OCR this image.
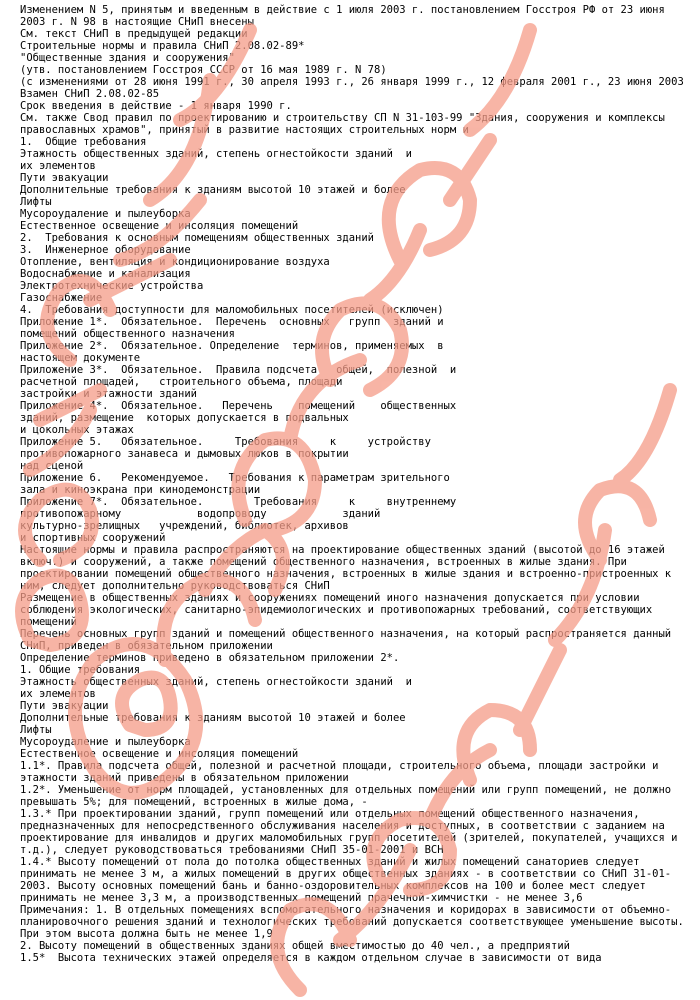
Изменением N 5, принятым и введенным в действие с 1 июля 2003 г. постановлением Госстроя РФ от 23 июня 2003 г. N 98 в настоящие СНиП внесены
См. текст СНиП в предыдущей редакции
Строительные нормы и правила СНиП 2.08.02-89*
"Общественные здания и сооружения"
(утв. постановлением Госстроя СССР от 16 мая 1989 г. N 78)
(с изменениями от 28 июня 1991 г., 30 апреля 1993 г., 26 января 1999 г., 12 февраля 2001 г., 23 июня 2003
Взамен СНиП 2.08.02-85
Срок введения в действие - 1 января 1990 г.
См. также Свод правил по проектированию и строительству СП N 31-103-99 "Здания, сооружения и комплексы православных храмов", принятый в развитие настоящих строительных норм и
1.  Общие требования
Этажность общественных зданий, степень огнестойкости зданий  и
их элементов
Пути эвакуации
Дополнительные требования к зданиям высотой 10 этажей и более
Лифты
Мусороудаление и пылеуборка
Естественное освещение и инсоляция помещений
2.  Требования к основным помещениям общественных зданий
3.  Инженерное оборудование
Отопление, вентиляция и кондиционирование воздуха
Водоснабжение и канализация
Электротехнические устройства
Газоснабжение
4.  Требования доступности для маломобильных посетителей (исключен)
Приложение 1*.  Обязательное.  Перечень  основных   групп  зданий и
помещений общественного назначения
Приложение 2*.  Обязательное. Определение  терминов, применяемых  в
настоящем документе
Приложение 3*.  Обязательное.  Правила подсчета   общей,  полезной  и
расчетной площадей,   строительного объема, площади
застройки и этажности зданий
Приложение 4*.  Обязательное.   Перечень    помещений    общественных
зданий, размещение  которых допускается в подвальных
и цокольных этажах
Приложение 5.   Обязательное.     Требования     к     устройству
противопожарного занавеса и дымовых люков в покрытии
над сценой
Приложение 6.   Рекомендуемое.   Требования к параметрам зрительного
зала и киноэкрана при кинодемонстрации
Приложение 7*.  Обязательное.        Требования     к     внутреннему
противопожарному            водопроводу            зданий
культурно-зрелищных   учреждений, библиотек, архивов
и спортивных сооружений
Настоящие нормы и правила распространяются на проектирование общественных зданий (высотой до 16 этажей включ.) и сооружений, а также помещений общественного назначения, встроенных в жилые здания. При проектировании помещений общественного назначения, встроенных в жилые здания и встроенно-пристроенных к ним, следует дополнительно руководствоваться СНиП
Размещение в общественных зданиях и сооружениях помещений иного назначения допускается при условии соблюдения экологических, санитарно-эпидемиологических и противопожарных требований, соответствующих помещений
Перечень основных групп зданий и помещений общественного назначения, на который распространяется данный СНиП, приведен в обязательном приложении
Определение терминов приведено в обязательном приложении 2*.
1. Общие требования
Этажность общественных зданий, степень огнестойкости зданий  и
их элементов
Пути эвакуации
Дополнительные требования к зданиям высотой 10 этажей и более
Лифты
Мусороудаление и пылеуборка
Естественное освещение и инсоляция помещений
1.1*. Правила подсчета общей, полезной и расчетной площади, строительного объема, площади застройки и этажности зданий приведены в обязательном приложении
1.2*. Уменьшение от норм площадей, установленных для отдельных помещений или групп помещений, не должно превышать 5%; для помещений, встроенных в жилые дома, -
1.3.* При проектировании зданий, групп помещений или отдельных помещений общественного назначения, предназначенных для непосредственного обслуживания населения и доступных, в соответствии с заданием на проектирование для инвалидов и других маломобильных групп посетителей (зрителей, покупателей, учащихся и т.д.), следует руководствоваться требованиями СНиП 35-01-2001 и ВСН
1.4.* Высоту помещений от пола до потолка общественных зданий и жилых помещений санаториев следует принимать не менее 3 м, а жилых помещений в других общественных зданиях - в соответствии со СНиП 31-01-2003. Высоту основных помещений бань и банно-оздоровительных комплексов на 100 и более мест следует принимать не менее 3,3 м, а производственных помещений прачечной-химчистки - не менее 3,6
Примечания: 1. В отдельных помещениях вспомогательного назначения и коридорах в зависимости от объемно-планировочного решения зданий и технологических требований допускается соответствующее уменьшение высоты. При этом высота должна быть не менее 1,9
2. Высоту помещений в общественных зданиях общей вместимостью до 40 чел., а предприятий
1.5*  Высота технических этажей определяется в каждом отдельном случае в зависимости от вида
